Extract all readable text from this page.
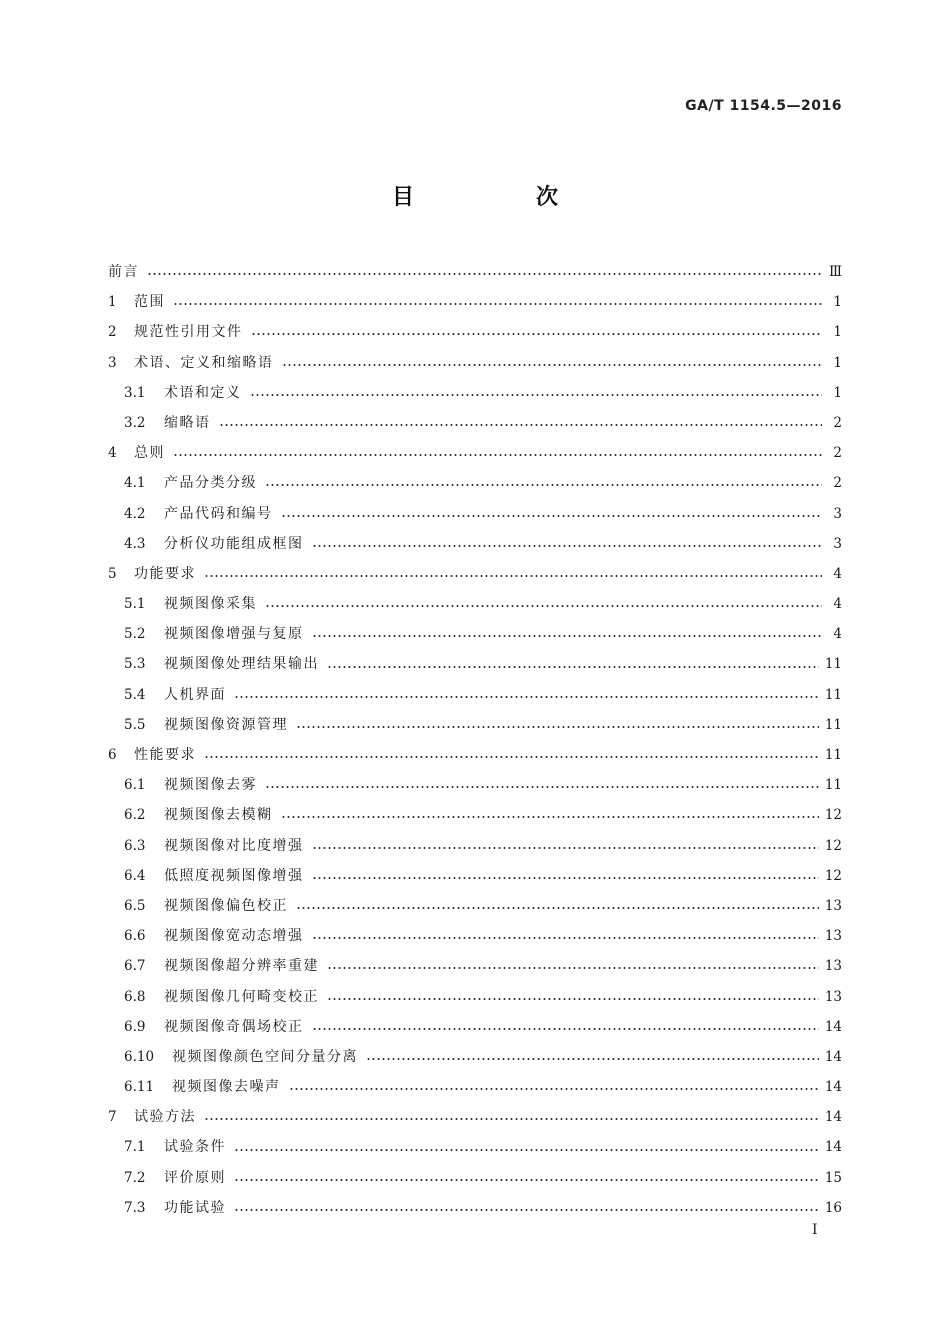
GA/T 1154.5—2016
目　次
前言	Ⅲ
1	范围	1
2	规范性引用文件	1
3	术语、定义和缩略语	1
3.1	术语和定义	1
3.2	缩略语	2
4	总则	2
4.1	产品分类分级	2
4.2	产品代码和编号	3
4.3	分析仪功能组成框图	3
5	功能要求	4
5.1	视频图像采集	4
5.2	视频图像增强与复原	4
5.3	视频图像处理结果输出	11
5.4	人机界面	11
5.5	视频图像资源管理	11
6	性能要求	11
6.1	视频图像去雾	11
6.2	视频图像去模糊	12
6.3	视频图像对比度增强	12
6.4	低照度视频图像增强	12
6.5	视频图像偏色校正	13
6.6	视频图像宽动态增强	13
6.7	视频图像超分辨率重建	13
6.8	视频图像几何畸变校正	13
6.9	视频图像奇偶场校正	14
6.10	视频图像颜色空间分量分离	14
6.11	视频图像去噪声	14
7	试验方法	14
7.1	试验条件	14
7.2	评价原则	15
7.3	功能试验	16
I
